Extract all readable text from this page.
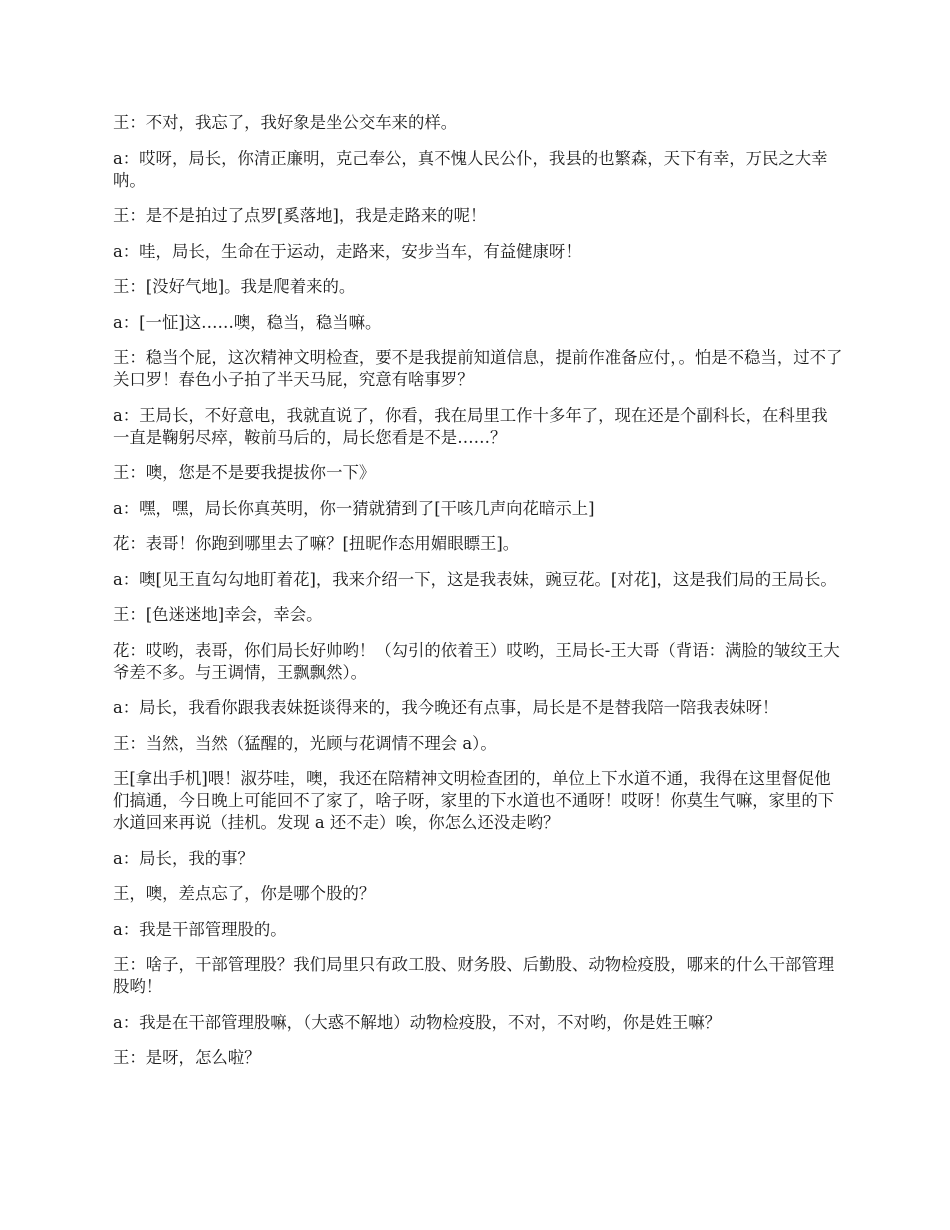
王：不对，我忘了，我好象是坐公交车来的样。

a：哎呀，局长，你清正廉明，克己奉公，真不愧人民公仆，我县的也繁森，天下有幸，万民之大幸呐。

王：是不是拍过了点罗[奚落地]，我是走路来的呢！

a：哇，局长，生命在于运动，走路来，安步当车，有益健康呀！

王：[没好气地]。我是爬着来的。

a：[一怔]这……噢，稳当，稳当嘛。

王：稳当个屁，这次精神文明检查，要不是我提前知道信息，提前作准备应付，。怕是不稳当，过不了关口罗！春色小子拍了半天马屁，究意有啥事罗？

a：王局长，不好意电，我就直说了，你看，我在局里工作十多年了，现在还是个副科长，在科里我一直是鞠躬尽瘁，鞍前马后的，局长您看是不是……？

王：噢，您是不是要我提拔你一下》

a：嘿，嘿，局长你真英明，你一猜就猜到了[干咳几声向花暗示上]

花：表哥！你跑到哪里去了嘛？[扭昵作态用媚眼瞟王]。

a：噢[见王直勾勾地盯着花]，我来介绍一下，这是我表妹，豌豆花。[对花]，这是我们局的王局长。

王：[色迷迷地]幸会，幸会。

花：哎哟，表哥，你们局长好帅哟！（勾引的依着王）哎哟，王局长-王大哥（背语：满脸的皱纹王大爷差不多。与王调情，王飘飘然）。

a：局长，我看你跟我表妹挺谈得来的，我今晚还有点事，局长是不是替我陪一陪我表妹呀！

王：当然，当然（猛醒的，光顾与花调情不理会 a）。

王[拿出手机]喂！淑芬哇，噢，我还在陪精神文明检查团的，单位上下水道不通，我得在这里督促他们搞通，今日晚上可能回不了家了，啥子呀，家里的下水道也不通呀！哎呀！你莫生气嘛，家里的下水道回来再说（挂机。发现 a 还不走）唉，你怎么还没走哟？

a：局长，我的事？

王，噢，差点忘了，你是哪个股的？

a：我是干部管理股的。

王：啥子，干部管理股？我们局里只有政工股、财务股、后勤股、动物检疫股，哪来的什么干部管理股哟！

a：我是在干部管理股嘛，（大惑不解地）动物检疫股，不对，不对哟，你是姓王嘛？

王：是呀，怎么啦？
